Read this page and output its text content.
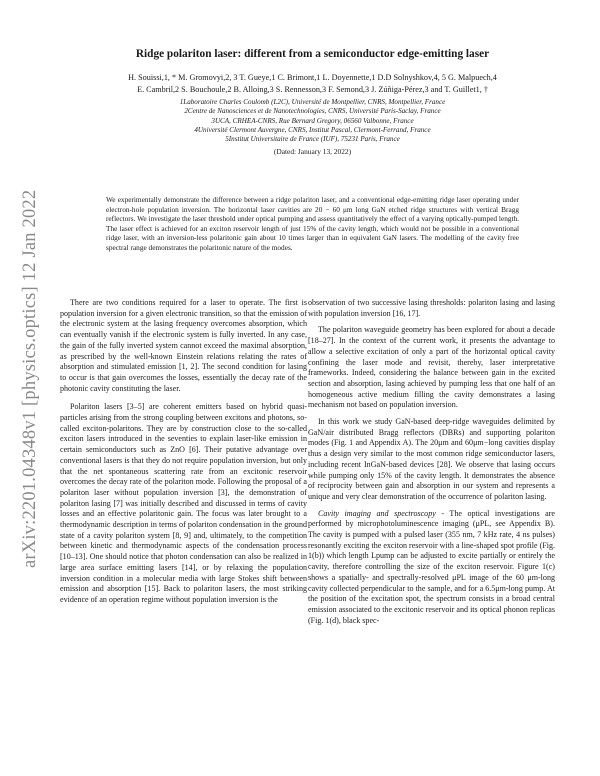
arXiv:2201.04348v1 [physics.optics] 12 Jan 2022
Ridge polariton laser: different from a semiconductor edge-emitting laser
H. Souissi,1, * M. Gromovyi,2, 3 T. Gueye,1 C. Brimont,1 L. Doyennette,1 D.D Solnyshkov,4, 5 G. Malpuech,4
E. Cambril,2 S. Bouchoule,2 B. Alloing,3 S. Rennesson,3 F. Semond,3 J. Zúñiga-Pérez,3 and T. Guillet1, †
1Laboratoire Charles Coulomb (L2C), Université de Montpellier, CNRS, Montpellier, France
2Centre de Nanosciences et de Nanotechnologies, CNRS, Université Paris-Saclay, France
3UCA, CRHEA-CNRS, Rue Bernard Gregory, 06560 Valbonne, France
4Université Clermont Auvergne, CNRS, Institut Pascal, Clermont-Ferrand, France
5Institut Universitaire de France (IUF), 75231 Paris, France
(Dated: January 13, 2022)
We experimentally demonstrate the difference between a ridge polariton laser, and a conventional edge-emitting ridge laser operating under electron-hole population inversion. The horizontal laser cavities are 20 − 60 μm long GaN etched ridge structures with vertical Bragg reflectors. We investigate the laser threshold under optical pumping and assess quantitatively the effect of a varying optically-pumped length. The laser effect is achieved for an exciton reservoir length of just 15% of the cavity length, which would not be possible in a conventional ridge laser, with an inversion-less polaritonic gain about 10 times larger than in equivalent GaN lasers. The modelling of the cavity free spectral range demonstrates the polaritonic nature of the modes.

There are two conditions required for a laser to operate. The first is population inversion for a given electronic transition, so that the emission of the electronic system at the lasing frequency overcomes absorption, which can eventually vanish if the electronic system is fully inverted. In any case, the gain of the fully inverted system cannot exceed the maximal absorption, as prescribed by the well-known Einstein relations relating the rates of absorption and stimulated emission [1, 2]. The second condition for lasing to occur is that gain overcomes the losses, essentially the decay rate of the photonic cavity constituting the laser.

Polariton lasers [3–5] are coherent emitters based on hybrid quasi-particles arising from the strong coupling between excitons and photons, so-called exciton-polaritons. They are by construction close to the so-called exciton lasers introduced in the seventies to explain laser-like emission in certain semiconductors such as ZnO [6]. Their putative advantage over conventional lasers is that they do not require population inversion, but only that the net spontaneous scattering rate from an excitonic reservoir overcomes the decay rate of the polariton mode. Following the proposal of a polariton laser without population inversion [3], the demonstration of polariton lasing [7] was initially described and discussed in terms of cavity losses and an effective polaritonic gain. The focus was later brought to a thermodynamic description in terms of polariton condensation in the ground state of a cavity polariton system [8, 9] and, ultimately, to the competition between kinetic and thermodynamic aspects of the condensation process [10–13]. One should notice that photon condensation can also be realized in large area surface emitting lasers [14], or by relaxing the population inversion condition in a molecular media with large Stokes shift between emission and absorption [15]. Back to polariton lasers, the most striking evidence of an operation regime without population inversion is the

observation of two successive lasing thresholds: polariton lasing and lasing with population inversion [16, 17].

The polariton waveguide geometry has been explored for about a decade [18–27]. In the context of the current work, it presents the advantage to allow a selective excitation of only a part of the horizontal optical cavity confining the laser mode and revisit, thereby, laser interpretative frameworks. Indeed, considering the balance between gain in the excited section and absorption, lasing achieved by pumping less that one half of an homogeneous active medium filling the cavity demonstrates a lasing mechanism not based on population inversion.

In this work we study GaN-based deep-ridge waveguides delimited by GaN/air distributed Bragg reflectors (DBRs) and supporting polariton modes (Fig. 1 and Appendix A). The 20μm and 60μm−long cavities display thus a design very similar to the most common ridge semiconductor lasers, including recent InGaN-based devices [28]. We observe that lasing occurs while pumping only 15% of the cavity length. It demonstrates the absence of reciprocity between gain and absorption in our system and represents a unique and very clear demonstration of the occurrence of polariton lasing.

Cavity imaging and spectroscopy - The optical investigations are performed by microphotoluminescence imaging (μPL, see Appendix B). The cavity is pumped with a pulsed laser (355 nm, 7 kHz rate, 4 ns pulses) resonantly exciting the exciton reservoir with a line-shaped spot profile (Fig. 1(b)) which length Lpump can be adjusted to excite partially or entirely the cavity, therefore controlling the size of the exciton reservoir. Figure 1(c) shows a spatially- and spectrally-resolved μPL image of the 60 μm-long cavity collected perpendicular to the sample, and for a 6.5μm-long pump. At the position of the excitation spot, the spectrum consists in a broad central emission associated to the excitonic reservoir and its optical phonon replicas (Fig. 1(d), black spec-
